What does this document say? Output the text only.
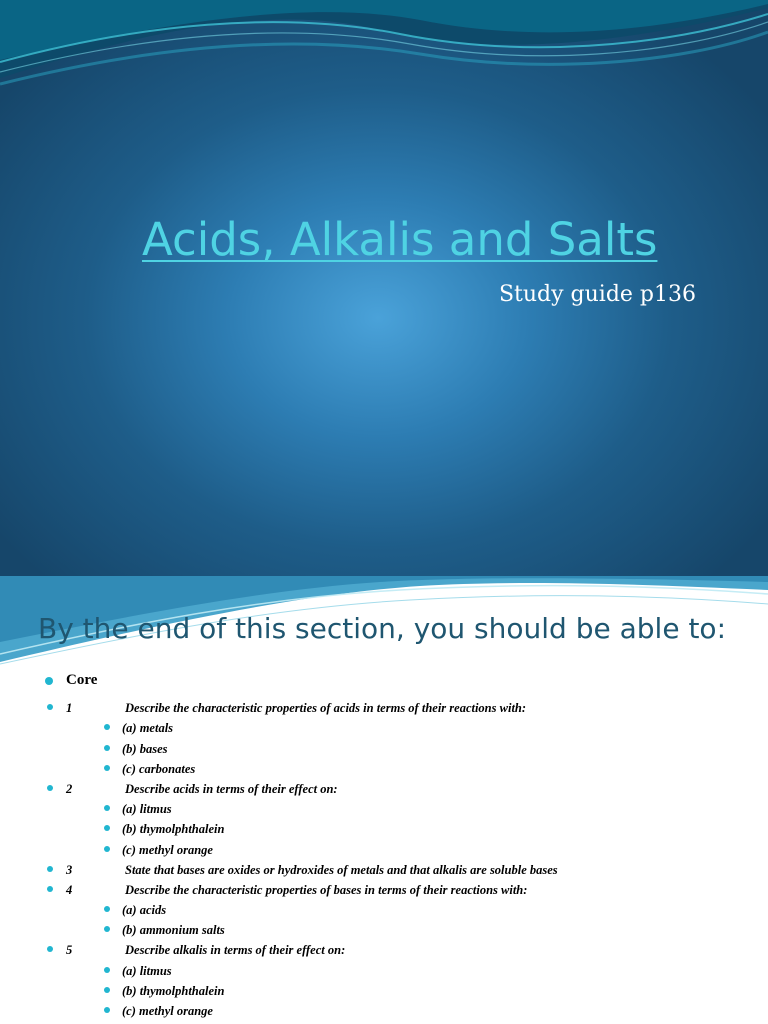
Acids, Alkalis and Salts

Study guide p136

By the end of this section, you should be able to:
Core
1	Describe the characteristic properties of acids in terms of their reactions with:
(a) metals
(b) bases
(c) carbonates
2	Describe acids in terms of their effect on:
(a) litmus
(b) thymolphthalein
(c) methyl orange
3	State that bases are oxides or hydroxides of metals and that alkalis are soluble bases
4	Describe the characteristic properties of bases in terms of their reactions with:
(a) acids
(b) ammonium salts
5	Describe alkalis in terms of their effect on:
(a) litmus
(b) thymolphthalein
(c) methyl orange
